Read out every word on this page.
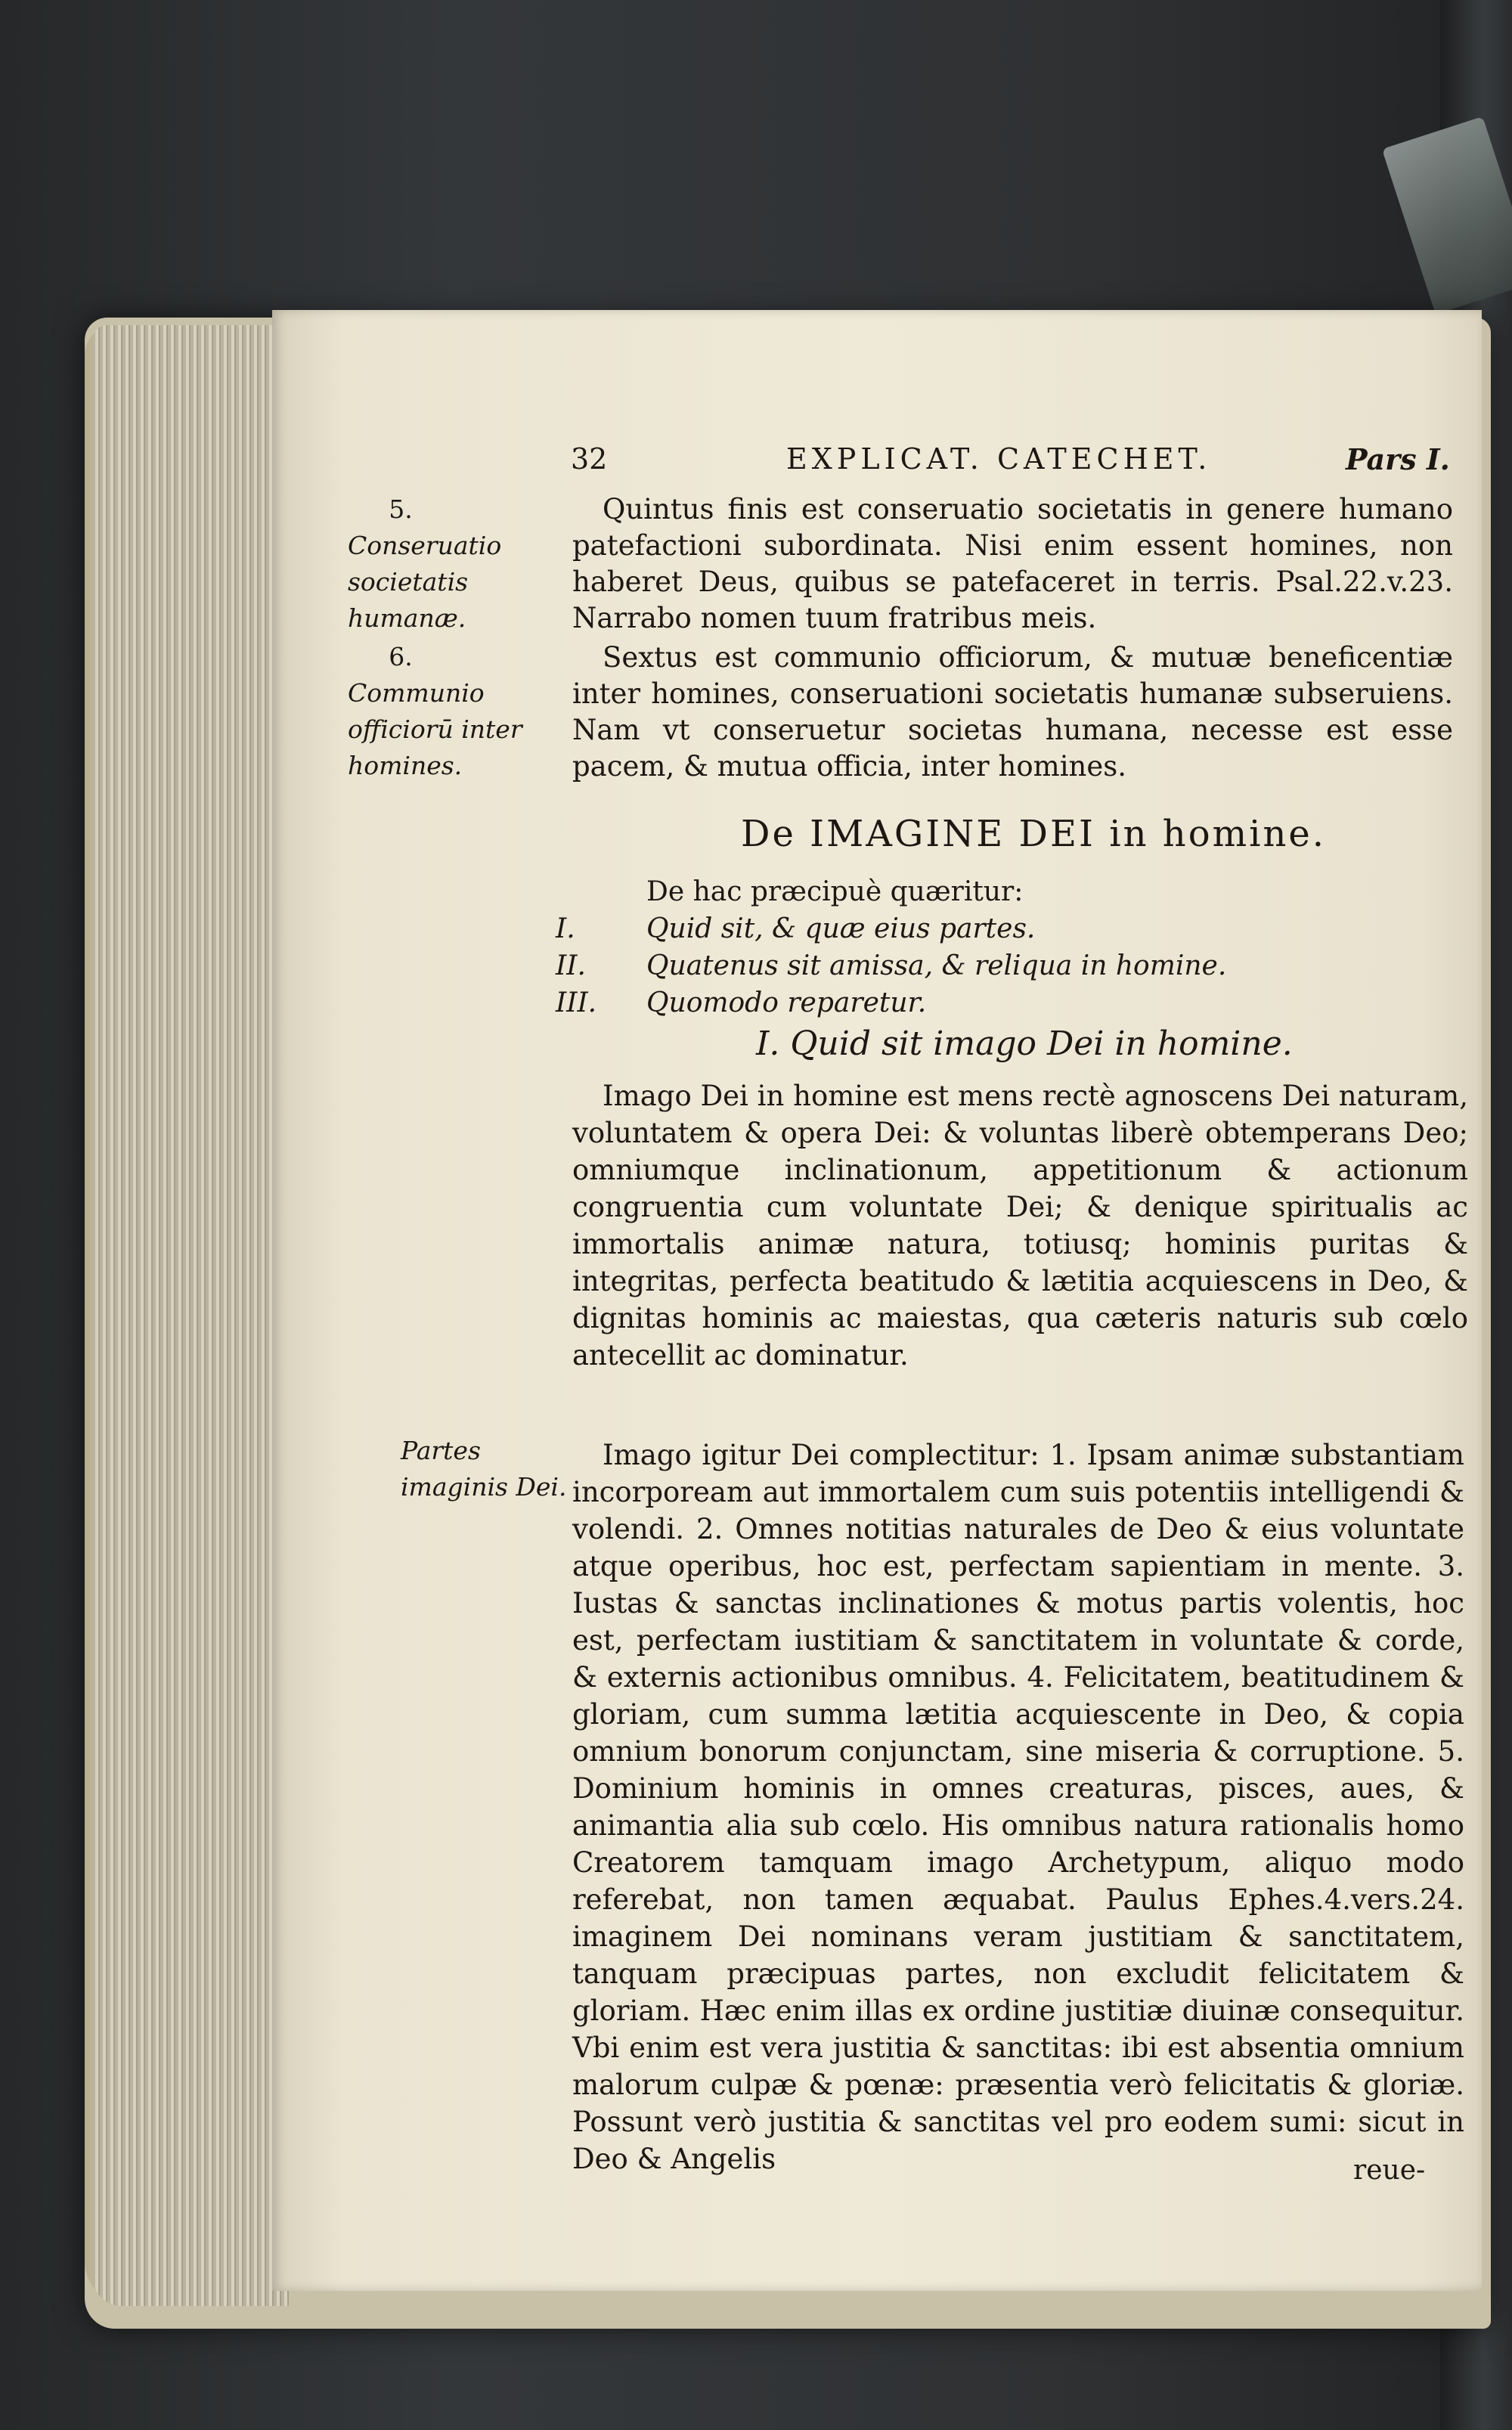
32	EXPLICAT. CATECHET.	Pars I.
5.
Conseruatio societatis humanæ.
6.
Communio officiorū inter homines.

Quintus finis est conseruatio societatis in genere humano patefactioni subordinata. Nisi enim essent homines, non haberet Deus, quibus se patefaceret in terris. Psal.22.v.23. Narrabo nomen tuum fratribus meis.

Sextus est communio officiorum, & mutuæ beneficentiæ inter homines, conseruationi societatis humanæ subseruiens. Nam vt conseruetur societas humana, necesse est esse pacem, & mutua officia, inter homines.

De IMAGINE DEI in homine.
De hac præcipuè quæritur:
I.	Quid sit, & quæ eius partes.
II.	Quatenus sit amissa, & reliqua in homine.
III.	Quomodo reparetur.
I. Quid sit imago Dei in homine.

Imago Dei in homine est mens rectè agnoscens Dei naturam, voluntatem & opera Dei: & voluntas liberè obtemperans Deo; omniumque inclinationum, appetitionum & actionum congruentia cum voluntate Dei; & denique spiritualis ac immortalis animæ natura, totiusq; hominis puritas & integritas, perfecta beatitudo & lætitia acquiescens in Deo, & dignitas hominis ac maiestas, qua cæteris naturis sub cœlo antecellit ac dominatur.

Partes imaginis Dei.

Imago igitur Dei complectitur: 1. Ipsam animæ substantiam incorpoream aut immortalem cum suis potentiis intelligendi & volendi. 2. Omnes notitias naturales de Deo & eius voluntate atque operibus, hoc est, perfectam sapientiam in mente. 3. Iustas & sanctas inclinationes & motus partis volentis, hoc est, perfectam iustitiam & sanctitatem in voluntate & corde, & externis actionibus omnibus. 4. Felicitatem, beatitudinem & gloriam, cum summa lætitia acquiescente in Deo, & copia omnium bonorum conjunctam, sine miseria & corruptione. 5. Dominium hominis in omnes creaturas, pisces, aues, & animantia alia sub cœlo. His omnibus natura rationalis homo Creatorem tamquam imago Archetypum, aliquo modo referebat, non tamen æquabat. Paulus Ephes.4.vers.24. imaginem Dei nominans veram justitiam & sanctitatem, tanquam præcipuas partes, non excludit felicitatem & gloriam. Hæc enim illas ex ordine justitiæ diuinæ consequitur. Vbi enim est vera justitia & sanctitas: ibi est absentia omnium malorum culpæ & pœnæ: præsentia verò felicitatis & gloriæ. Possunt verò justitia & sanctitas vel pro eodem sumi: sicut in Deo & Angelis	reue-
